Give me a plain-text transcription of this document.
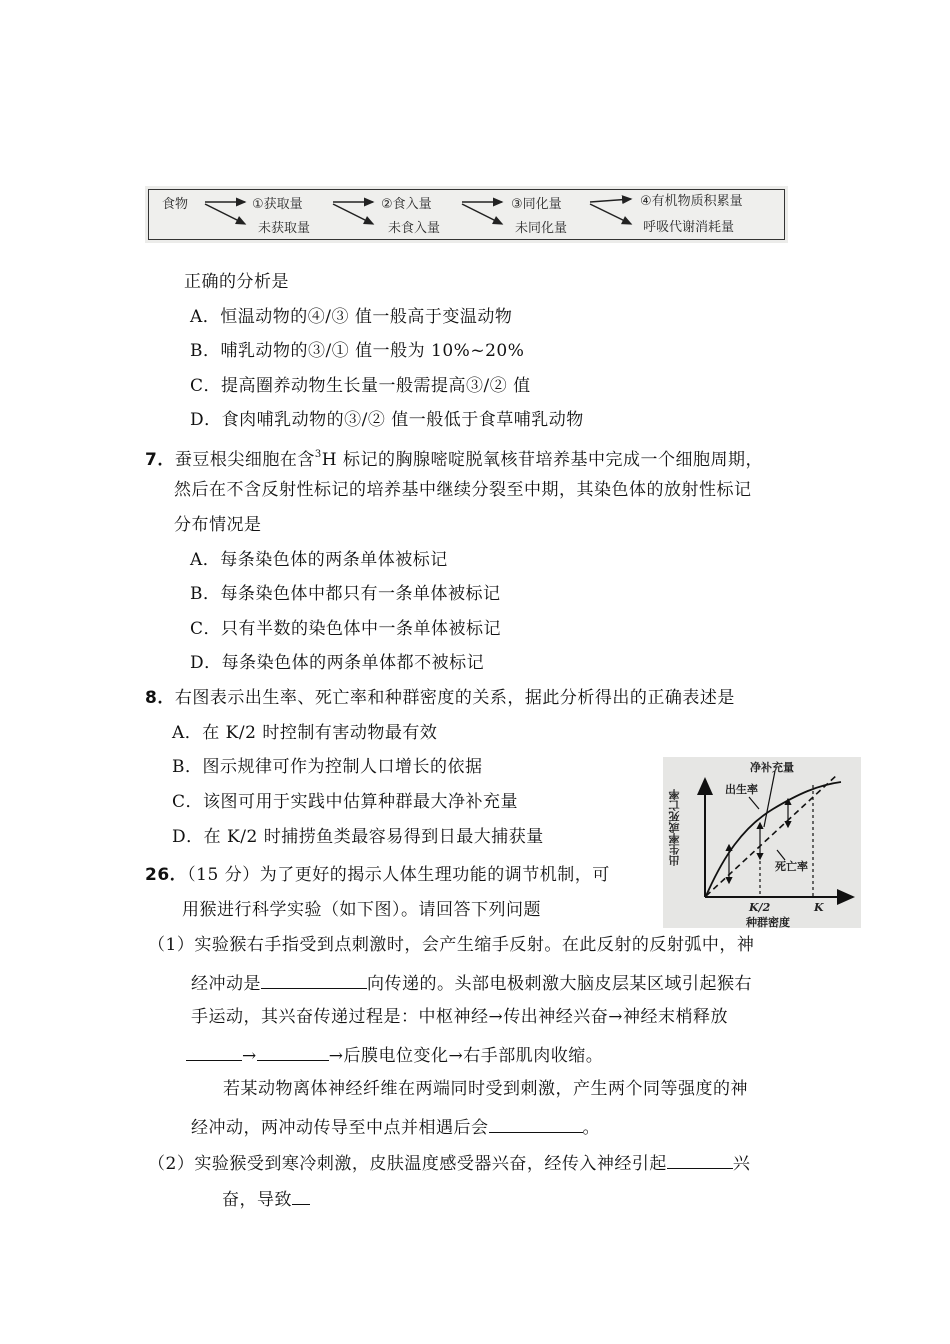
食物	①获取量
未获取量
②食入量
未食入量
③同化量
未同化量
④有机物质积累量
呼吸代谢消耗量
正确的分析是
A．恒温动物的④/③ 值一般高于变温动物
B．哺乳动物的③/① 值一般为 10%~20%
C．提高圈养动物生长量一般需提高③/② 值
D．食肉哺乳动物的③/② 值一般低于食草哺乳动物
7．蚕豆根尖细胞在含$^3$H 标记的胸腺嘧啶脱氧核苷培养基中完成一个细胞周期，
然后在不含反射性标记的培养基中继续分裂至中期，其染色体的放射性标记
分布情况是
A．每条染色体的两条单体被标记
B．每条染色体中都只有一条单体被标记
C．只有半数的染色体中一条单体被标记
D．每条染色体的两条单体都不被标记
8．右图表示出生率、死亡率和种群密度的关系，据此分析得出的正确表述是
A．在 K/2 时控制有害动物最有效
B．图示规律可作为控制人口增长的依据
C．该图可用于实践中估算种群最大净补充量
D．在 K/2 时捕捞鱼类最容易得到日最大捕获量
净补充量
出生率
死亡率
出生率或死亡率
K/2	K
种群密度
26．（15 分）为了更好的揭示人体生理功能的调节机制，可
用猴进行科学实验（如下图）。请回答下列问题
（1）实验猴右手指受到点刺激时，会产生缩手反射。在此反射的反射弧中，神
经冲动是	向传递的。头部电极刺激大脑皮层某区域引起猴右
手运动，其兴奋传递过程是：中枢神经→传出神经兴奋→神经末梢释放
→	→后膜电位变化→右手部肌肉收缩。
若某动物离体神经纤维在两端同时受到刺激，产生两个同等强度的神
经冲动，两冲动传导至中点并相遇后会	。
（2）实验猴受到寒冷刺激，皮肤温度感受器兴奋，经传入神经引起	兴
奋，导致
